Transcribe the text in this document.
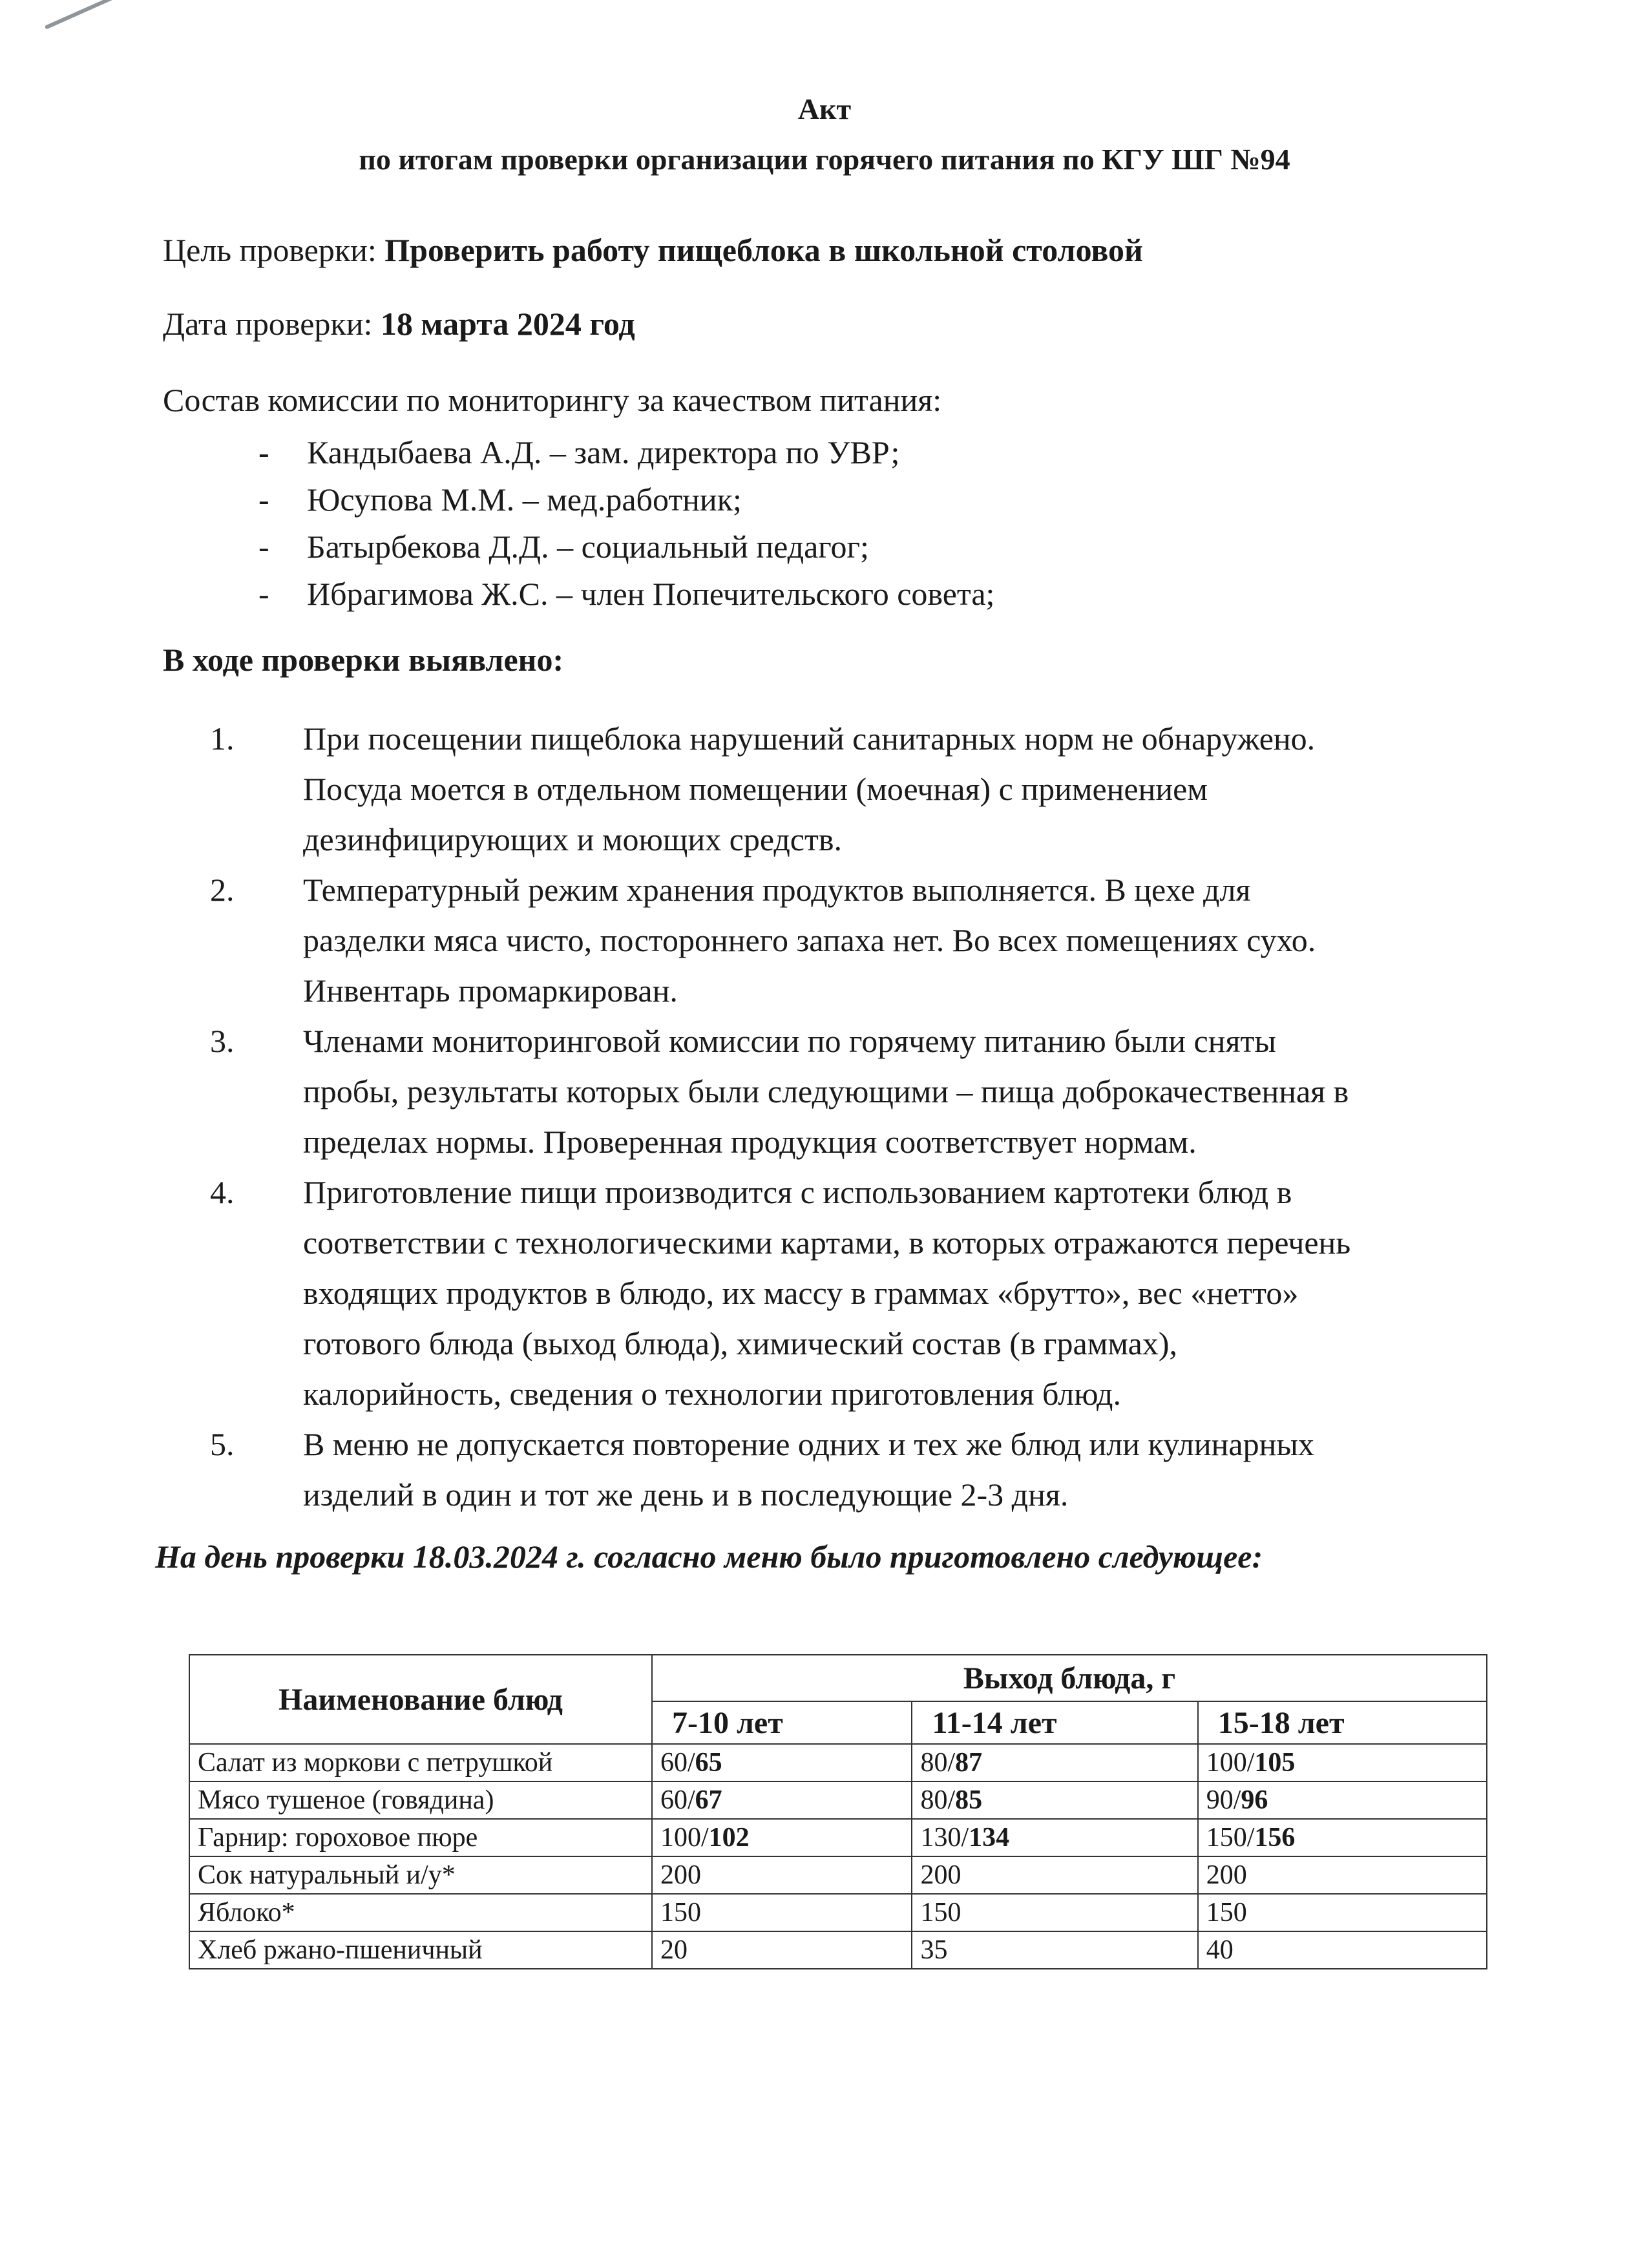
Акт
по итогам проверки организации горячего питания по КГУ ШГ №94
Цель проверки: Проверить работу пищеблока в школьной столовой
Дата проверки: 18 марта 2024 год
Состав комиссии по мониторингу за качеством питания:
- Кандыбаева А.Д. – зам. директора по УВР;
- Юсупова М.М. – мед.работник;
- Батырбекова Д.Д. – социальный педагог;
- Ибрагимова Ж.С. – член Попечительского совета;
В ходе проверки выявлено:
1. При посещении пищеблока нарушений санитарных норм не обнаружено.
Посуда моется в отдельном помещении (моечная) с применением
дезинфицирующих и моющих средств.
2. Температурный режим хранения продуктов выполняется. В цехе для
разделки мяса чисто, постороннего запаха нет. Во всех помещениях сухо.
Инвентарь промаркирован.
3. Членами мониторинговой комиссии по горячему питанию были сняты
пробы, результаты которых были следующими – пища доброкачественная в
пределах нормы. Проверенная продукция соответствует нормам.
4. Приготовление пищи производится с использованием картотеки блюд в
соответствии с технологическими картами, в которых отражаются перечень
входящих продуктов в блюдо, их массу в граммах «брутто», вес «нетто»
готового блюда (выход блюда), химический состав (в граммах),
калорийность, сведения о технологии приготовления блюд.
5. В меню не допускается повторение одних и тех же блюд или кулинарных
изделий в один и тот же день и в последующие 2-3 дня.
На день проверки 18.03.2024 г. согласно меню было приготовлено следующее:
Наименование блюд	Выход блюда, г		
	7-10 лет	11-14 лет	15-18 лет
Салат из моркови с петрушкой	60/65	80/87	100/105
Мясо тушеное (говядина)	60/67	80/85	90/96
Гарнир: гороховое пюре	100/102	130/134	150/156
Сок натуральный и/у*	200	200	200
Яблоко*	150	150	150
Хлеб ржано-пшеничный	20	35	40
